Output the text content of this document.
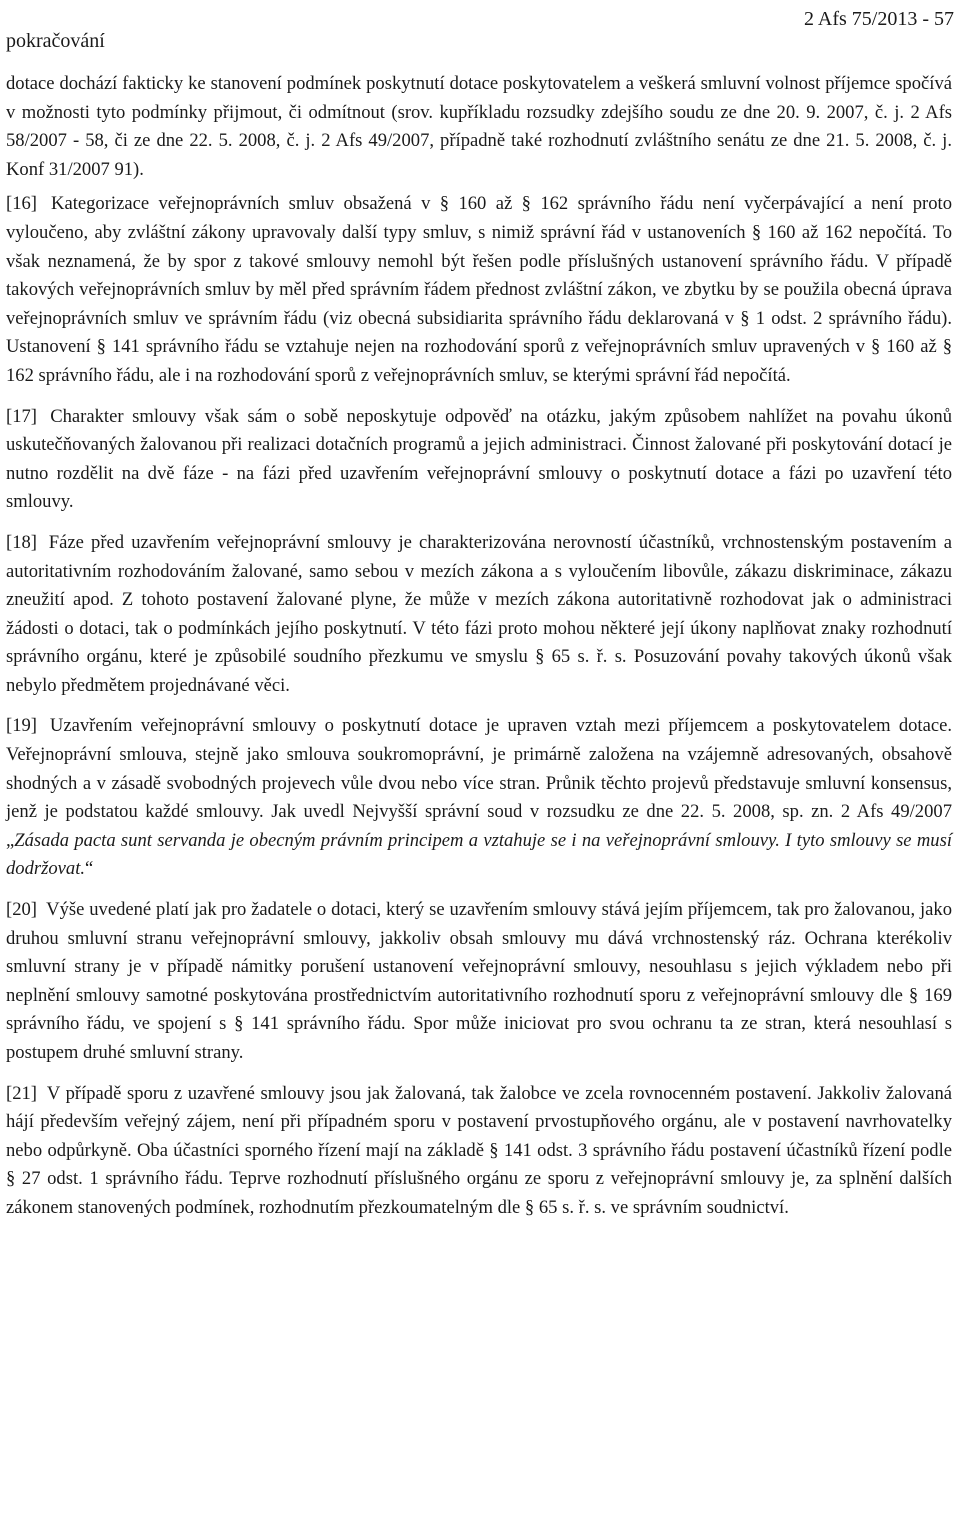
pokračování
2 Afs 75/2013 - 57

dotace dochází fakticky ke stanovení podmínek poskytnutí dotace poskytovatelem a veškerá smluvní volnost příjemce spočívá v možnosti tyto podmínky přijmout, či odmítnout (srov. kupříkladu rozsudky zdejšího soudu ze dne 20. 9. 2007, č. j. 2 Afs 58/2007 - 58, či ze dne 22. 5. 2008, č. j. 2 Afs 49/2007, případně také rozhodnutí zvláštního senátu ze dne 21. 5. 2008, č. j. Konf 31/2007 91).

[16] Kategorizace veřejnoprávních smluv obsažená v § 160 až § 162 správního řádu není vyčerpávající a není proto vyloučeno, aby zvláštní zákony upravovaly další typy smluv, s nimiž správní řád v ustanoveních § 160 až 162 nepočítá. To však neznamená, že by spor z takové smlouvy nemohl být řešen podle příslušných ustanovení správního řádu. V případě takových veřejnoprávních smluv by měl před správním řádem přednost zvláštní zákon, ve zbytku by se použila obecná úprava veřejnoprávních smluv ve správním řádu (viz obecná subsidiarita správního řádu deklarovaná v § 1 odst. 2 správního řádu). Ustanovení § 141 správního řádu se vztahuje nejen na rozhodování sporů z veřejnoprávních smluv upravených v § 160 až § 162 správního řádu, ale i na rozhodování sporů z veřejnoprávních smluv, se kterými správní řád nepočítá.

[17] Charakter smlouvy však sám o sobě neposkytuje odpověď na otázku, jakým způsobem nahlížet na povahu úkonů uskutečňovaných žalovanou při realizaci dotačních programů a jejich administraci. Činnost žalované při poskytování dotací je nutno rozdělit na dvě fáze - na fázi před uzavřením veřejnoprávní smlouvy o poskytnutí dotace a fázi po uzavření této smlouvy.

[18] Fáze před uzavřením veřejnoprávní smlouvy je charakterizována nerovností účastníků, vrchnostenským postavením a autoritativním rozhodováním žalované, samo sebou v mezích zákona a s vyloučením libovůle, zákazu diskriminace, zákazu zneužití apod. Z tohoto postavení žalované plyne, že může v mezích zákona autoritativně rozhodovat jak o administraci žádosti o dotaci, tak o podmínkách jejího poskytnutí. V této fázi proto mohou některé její úkony naplňovat znaky rozhodnutí správního orgánu, které je způsobilé soudního přezkumu ve smyslu § 65 s. ř. s. Posuzování povahy takových úkonů však nebylo předmětem projednávané věci.

[19] Uzavřením veřejnoprávní smlouvy o poskytnutí dotace je upraven vztah mezi příjemcem a poskytovatelem dotace. Veřejnoprávní smlouva, stejně jako smlouva soukromoprávní, je primárně založena na vzájemně adresovaných, obsahově shodných a v zásadě svobodných projevech vůle dvou nebo více stran. Průnik těchto projevů představuje smluvní konsensus, jenž je podstatou každé smlouvy. Jak uvedl Nejvyšší správní soud v rozsudku ze dne 22. 5. 2008, sp. zn. 2 Afs 49/2007 „Zásada pacta sunt servanda je obecným právním principem a vztahuje se i na veřejnoprávní smlouvy. I tyto smlouvy se musí dodržovat.“

[20] Výše uvedené platí jak pro žadatele o dotaci, který se uzavřením smlouvy stává jejím příjemcem, tak pro žalovanou, jako druhou smluvní stranu veřejnoprávní smlouvy, jakkoliv obsah smlouvy mu dává vrchnostenský ráz. Ochrana kterékoliv smluvní strany je v případě námitky porušení ustanovení veřejnoprávní smlouvy, nesouhlasu s jejich výkladem nebo při neplnění smlouvy samotné poskytována prostřednictvím autoritativního rozhodnutí sporu z veřejnoprávní smlouvy dle § 169 správního řádu, ve spojení s § 141 správního řádu. Spor může iniciovat pro svou ochranu ta ze stran, která nesouhlasí s postupem druhé smluvní strany.

[21] V případě sporu z uzavřené smlouvy jsou jak žalovaná, tak žalobce ve zcela rovnocenném postavení. Jakkoliv žalovaná hájí především veřejný zájem, není při případném sporu v postavení prvostupňového orgánu, ale v postavení navrhovatelky nebo odpůrkyně. Oba účastníci sporného řízení mají na základě § 141 odst. 3 správního řádu postavení účastníků řízení podle § 27 odst. 1 správního řádu. Teprve rozhodnutí příslušného orgánu ze sporu z veřejnoprávní smlouvy je, za splnění dalších zákonem stanovených podmínek, rozhodnutím přezkoumatelným dle § 65 s. ř. s. ve správním soudnictví.
